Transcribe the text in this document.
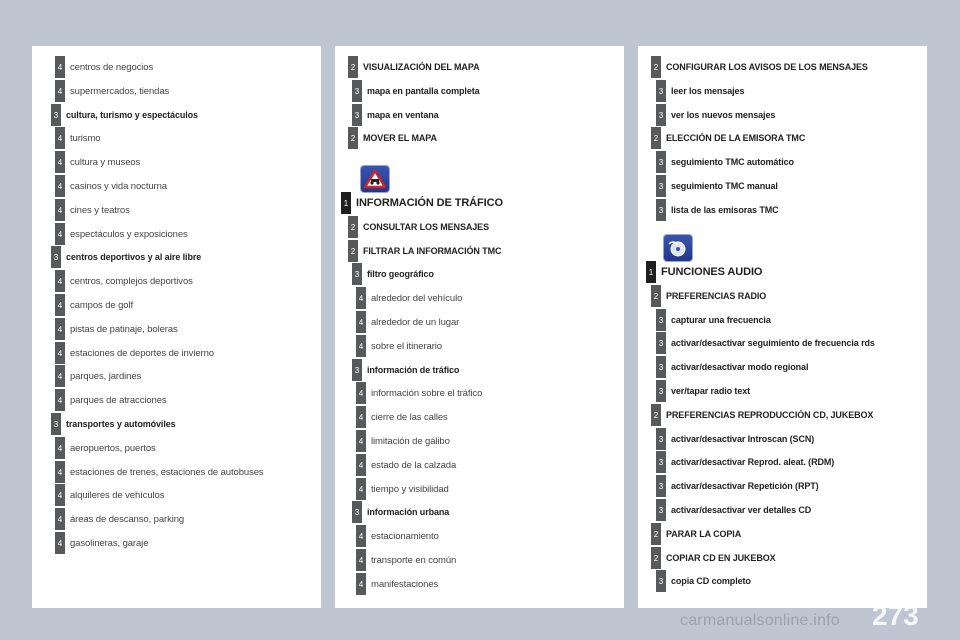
4 centros de negocios
4 supermercados, tiendas
3 cultura, turismo y espectáculos
4 turismo
4 cultura y museos
4 casinos y vida nocturna
4 cines y teatros
4 espectáculos y exposiciones
3 centros deportivos y al aire libre
4 centros, complejos deportivos
4 campos de golf
4 pistas de patinaje, boleras
4 estaciones de deportes de invierno
4 parques, jardines
4 parques de atracciones
3 transportes y automóviles
4 aeropuertos, puertos
4 estaciones de trenes, estaciones de autobuses
4 alquileres de vehículos
4 áreas de descanso, parking
4 gasolineras, garaje
2 VISUALIZACIÓN DEL MAPA
3 mapa en pantalla completa
3 mapa en ventana
2 MOVER EL MAPA
1 INFORMACIÓN DE TRÁFICO
2 CONSULTAR LOS MENSAJES
2 FILTRAR LA INFORMACIÓN TMC
3 filtro geográfico
4 alrededor del vehículo
4 alrededor de un lugar
4 sobre el itinerario
3 información de tráfico
4 información sobre el tráfico
4 cierre de las calles
4 limitación de gálibo
4 estado de la calzada
4 tiempo y visibilidad
3 información urbana
4 estacionamiento
4 transporte en común
4 manifestaciones
2 CONFIGURAR LOS AVISOS DE LOS MENSAJES
3 leer los mensajes
3 ver los nuevos mensajes
2 ELECCIÓN DE LA EMISORA TMC
3 seguimiento TMC automático
3 seguimiento TMC manual
3 lista de las emisoras TMC
1 FUNCIONES AUDIO
2 PREFERENCIAS RADIO
3 capturar una frecuencia
3 activar/desactivar seguimiento de frecuencia rds
3 activar/desactivar modo regional
3 ver/tapar radio text
2 PREFERENCIAS REPRODUCCIÓN CD, JUKEBOX
3 activar/desactivar Introscan (SCN)
3 activar/desactivar Reprod. aleat. (RDM)
3 activar/desactivar Repetición (RPT)
3 activar/desactivar ver detalles CD
2 PARAR LA COPIA
2 COPIAR CD EN JUKEBOX
3 copia CD completo
carmanualsonline.info 273
